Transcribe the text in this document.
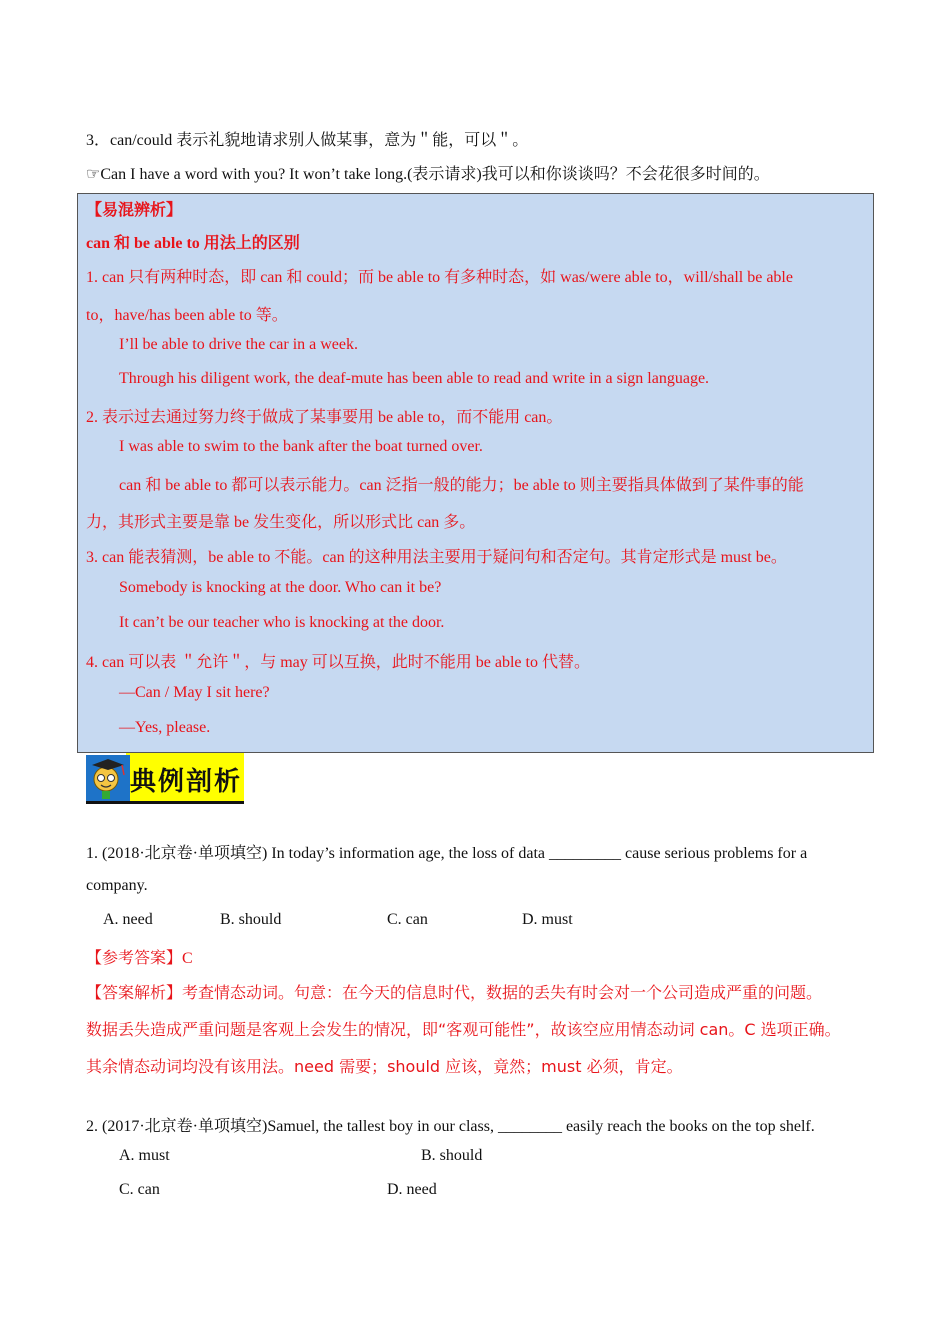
3．can/could 表示礼貌地请求别人做某事，意为＂能，可以＂。
☞Can I have a word with you? It won’t take long.(表示请求)我可以和你谈谈吗？不会花很多时间的。
【易混辨析】
can 和 be able to 用法上的区别
1. can 只有两种时态，即 can 和 could；而 be able to 有多种时态，如 was/were able to，will/shall be able
to，have/has been able to 等。
I’ll be able to drive the car in a week.
Through his diligent work, the deaf-mute has been able to read and write in a sign language.
2. 表示过去通过努力终于做成了某事要用 be able to，而不能用 can。
I was able to swim to the bank after the boat turned over.
can 和 be able to 都可以表示能力。can 泛指一般的能力；be able to 则主要指具体做到了某件事的能
力，其形式主要是靠 be 发生变化，所以形式比 can 多。
3. can 能表猜测，be able to 不能。can 的这种用法主要用于疑问句和否定句。其肯定形式是 must be。
Somebody is knocking at the door. Who can it be?
It can’t be our teacher who is knocking at the door.
4. can 可以表 ＂允许＂，与 may 可以互换，此时不能用 be able to 代替。
—Can / May I sit here?
—Yes, please.
典例剖析
1. (2018·北京卷·单项填空) In today’s information age, the loss of data _________ cause serious problems for a
company.
A. need	B. should	C. can	D. must
【参考答案】C
【答案解析】考查情态动词。句意：在今天的信息时代，数据的丢失有时会对一个公司造成严重的问题。
数据丢失造成严重问题是客观上会发生的情况，即“客观可能性”，故该空应用情态动词 can。C 选项正确。
其余情态动词均没有该用法。need 需要；should 应该，竟然；must 必须，肯定。
2. (2017·北京卷·单项填空)Samuel, the tallest boy in our class, ________ easily reach the books on the top shelf.
A. must	B. should
C. can	D. need
